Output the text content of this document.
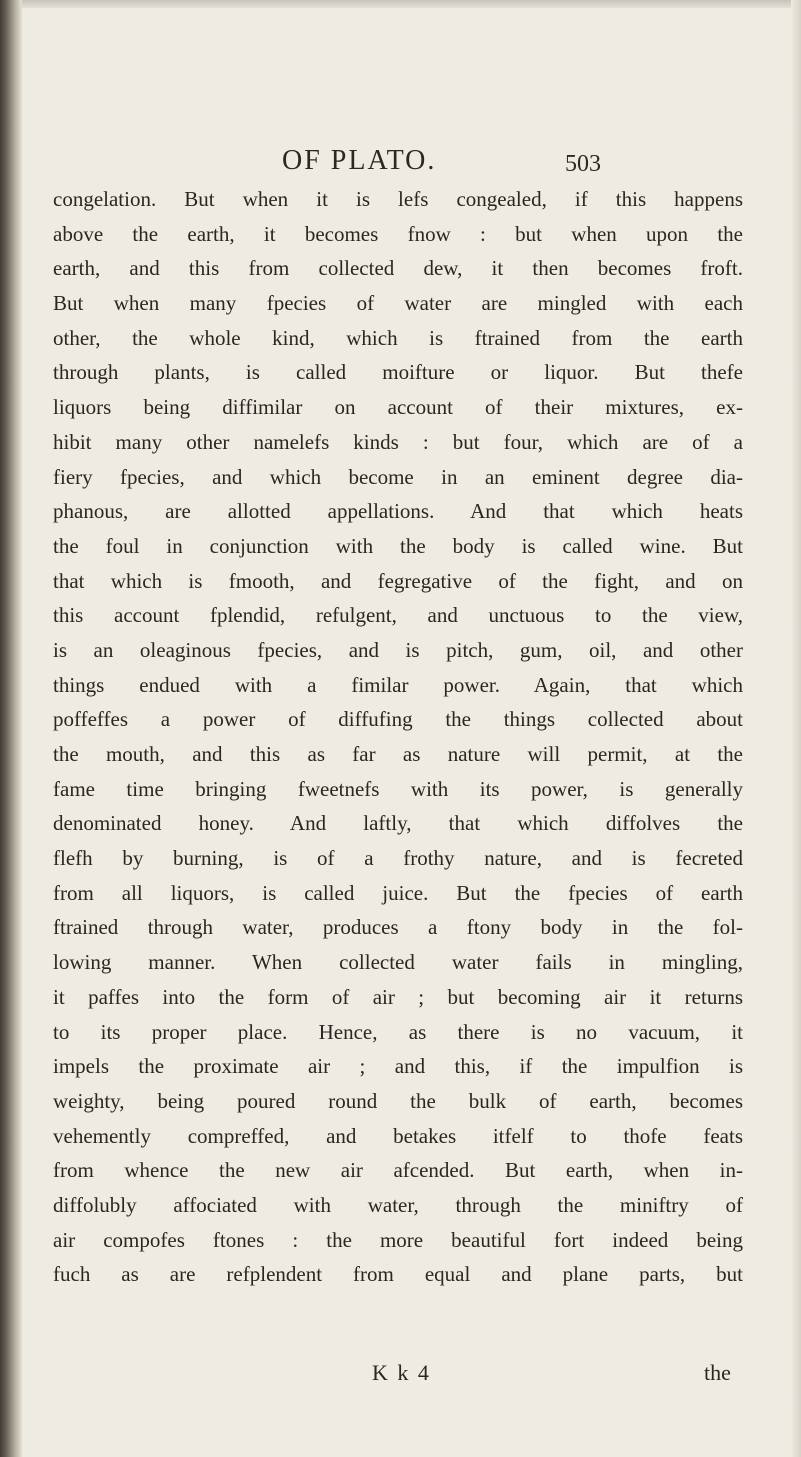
OF PLATO.	503
congelation. But when it is lefs congealed, if this happens
above the earth, it becomes fnow : but when upon the
earth, and this from collected dew, it then becomes froft.
But when many fpecies of water are mingled with each
other, the whole kind, which is ftrained from the earth
through plants, is called moifture or liquor. But thefe
liquors being diffimilar on account of their mixtures, ex-
hibit many other namelefs kinds : but four, which are of a
fiery fpecies, and which become in an eminent degree dia-
phanous, are allotted appellations. And that which heats
the foul in conjunction with the body is called wine. But
that which is fmooth, and fegregative of the fight, and on
this account fplendid, refulgent, and unctuous to the view,
is an oleaginous fpecies, and is pitch, gum, oil, and other
things endued with a fimilar power. Again, that which
poffeffes a power of diffufing the things collected about
the mouth, and this as far as nature will permit, at the
fame time bringing fweetnefs with its power, is generally
denominated honey. And laftly, that which diffolves the
flefh by burning, is of a frothy nature, and is fecreted
from all liquors, is called juice. But the fpecies of earth
ftrained through water, produces a ftony body in the fol-
lowing manner. When collected water fails in mingling,
it paffes into the form of air ; but becoming air it returns
to its proper place. Hence, as there is no vacuum, it
impels the proximate air ; and this, if the impulfion is
weighty, being poured round the bulk of earth, becomes
vehemently compreffed, and betakes itfelf to thofe feats
from whence the new air afcended. But earth, when in-
diffolubly affociated with water, through the miniftry of
air compofes ftones : the more beautiful fort indeed being
fuch as are refplendent from equal and plane parts, but
K k 4	the
